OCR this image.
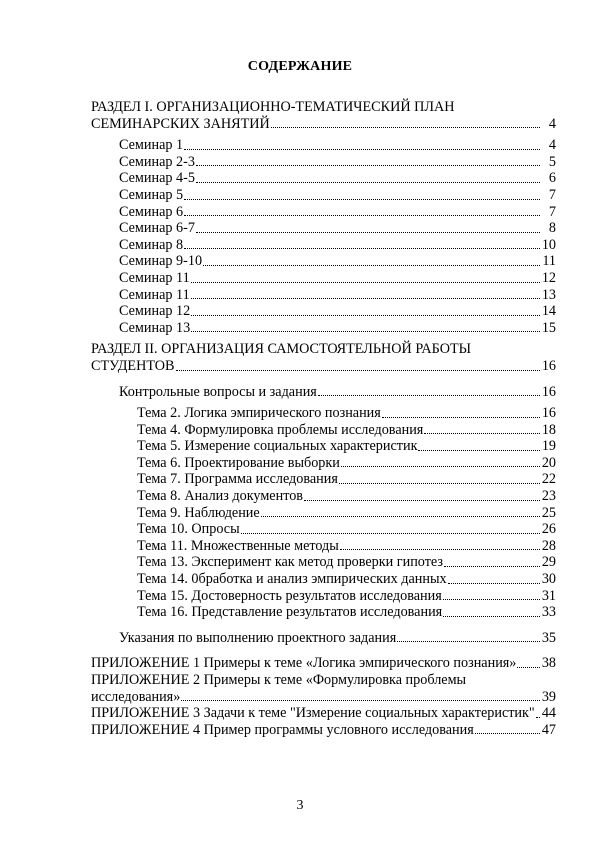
СОДЕРЖАНИЕ
РАЗДЕЛ I. ОРГАНИЗАЦИОННО-ТЕМАТИЧЕСКИЙ ПЛАН
СЕМИНАРСКИХ ЗАНЯТИЙ	4
Семинар 1	4
Семинар 2-3	5
Семинар 4-5	6
Семинар 5	7
Семинар 6	7
Семинар 6-7	8
Семинар 8	10
Семинар 9-10	11
Семинар 11	12
Семинар 11	13
Семинар 12	14
Семинар 13	15
РАЗДЕЛ II. ОРГАНИЗАЦИЯ САМОСТОЯТЕЛЬНОЙ РАБОТЫ
СТУДЕНТОВ	16
Контрольные вопросы и задания	16
Тема 2. Логика эмпирического познания	16
Тема 4. Формулировка проблемы исследования	18
Тема 5. Измерение социальных характеристик	19
Тема 6. Проектирование выборки	20
Тема 7. Программа исследования	22
Тема 8. Анализ документов	23
Тема 9. Наблюдение	25
Тема 10. Опросы	26
Тема 11. Множественные методы	28
Тема 13. Эксперимент как метод проверки гипотез	29
Тема 14. 0бработка и анализ эмпирических данных	30
Тема 15. Достоверность результатов исследования	31
Тема 16. Представление результатов исследования	33
Указания по выполнению проектного задания	35
ПРИЛОЖЕНИЕ 1 Примеры к теме «Логика эмпирического познания» 38
ПРИЛОЖЕНИЕ 2 Примеры к теме «Формулировка проблемы
исследования»	39
ПРИЛОЖЕНИЕ 3 Задачи к теме "Измерение социальных характеристик" 44
ПРИЛОЖЕНИЕ 4 Пример программы условного исследования	47
3
